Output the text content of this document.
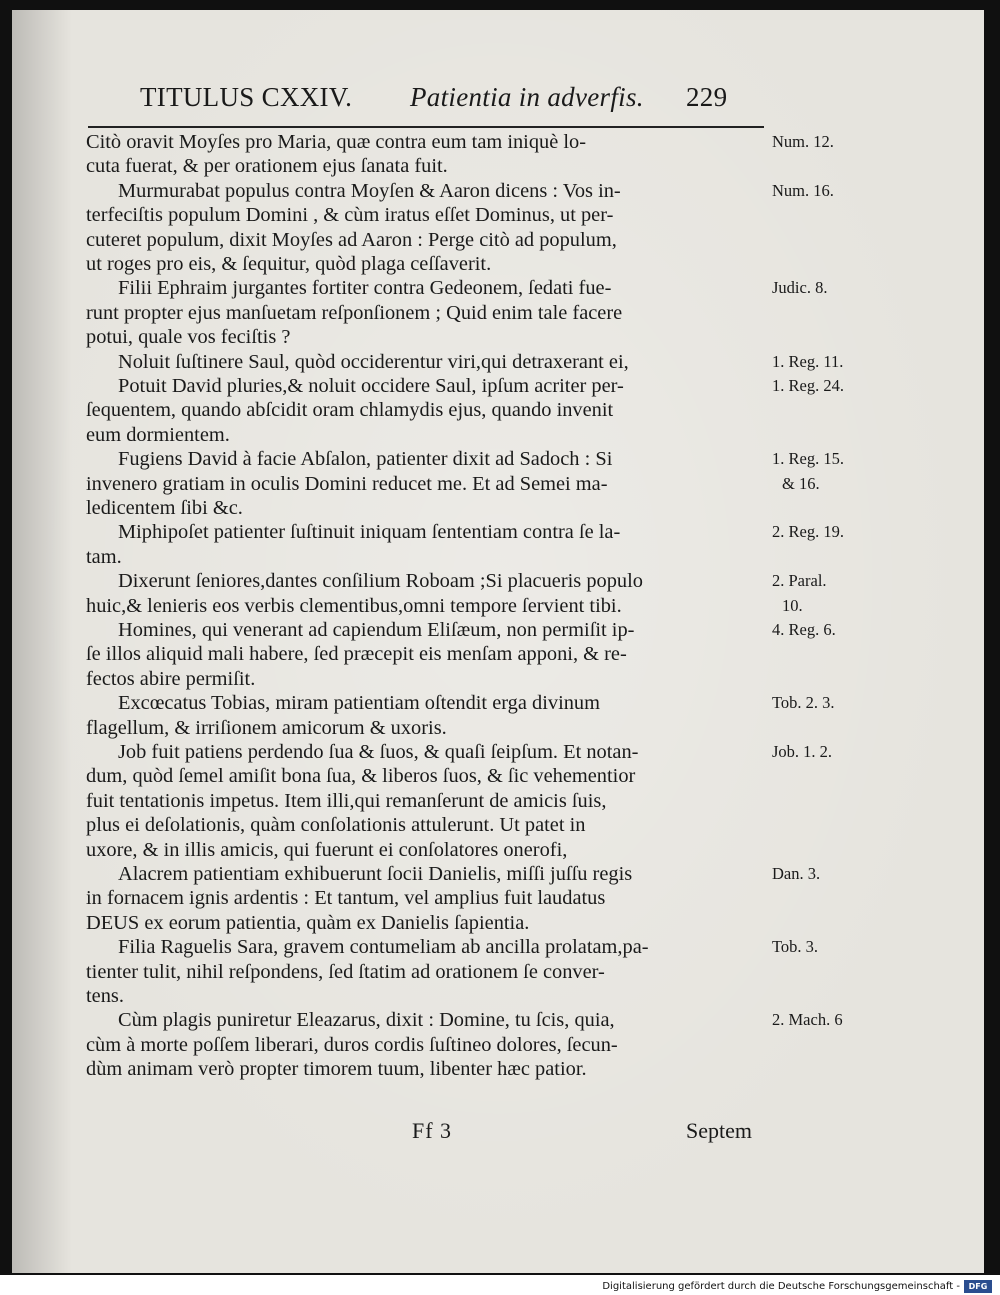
TITULUS CXXIV. Patientia in adverfis. 229
Citò oravit Moyſes pro Maria, quæ contra eum tam iniquè lo-
cuta fuerat, & per orationem ejus ſanata fuit.
Murmurabat populus contra Moyſen & Aaron dicens : Vos in-
terfeciſtis populum Domini , & cùm iratus eſſet Dominus, ut per-
cuteret populum, dixit Moyſes ad Aaron : Perge citò ad populum,
ut roges pro eis, & ſequitur, quòd plaga ceſſaverit.
Filii Ephraim jurgantes fortiter contra Gedeonem, ſedati fue-
runt propter ejus manſuetam reſponſionem ; Quid enim tale facere
potui, quale vos feciſtis ?
Noluit ſuſtinere Saul, quòd occiderentur viri,qui detraxerant ei,
Potuit David pluries,& noluit occidere Saul, ipſum acriter per-
ſequentem, quando abſcidit oram chlamydis ejus, quando invenit
eum dormientem.
Fugiens David à facie Abſalon, patienter dixit ad Sadoch : Si
invenero gratiam in oculis Domini reducet me. Et ad Semei ma-
ledicentem ſibi &c.
Miphipoſet patienter ſuſtinuit iniquam ſententiam contra ſe la-
tam.
Dixerunt ſeniores,dantes conſilium Roboam ;Si placueris populo
huic,& lenieris eos verbis clementibus,omni tempore ſervient tibi.
Homines, qui venerant ad capiendum Eliſæum, non permiſit ip-
ſe illos aliquid mali habere, ſed præcepit eis menſam apponi, & re-
fectos abire permiſit.
Excœcatus Tobias, miram patientiam oſtendit erga divinum
flagellum, & irriſionem amicorum & uxoris.
Job fuit patiens perdendo ſua & ſuos, & quaſi ſeipſum. Et notan-
dum, quòd ſemel amiſit bona ſua, & liberos ſuos, & ſic vehementior
fuit tentationis impetus. Item illi,qui remanſerunt de amicis ſuis,
plus ei deſolationis, quàm conſolationis attulerunt. Ut patet in
uxore, & in illis amicis, qui fuerunt ei conſolatores onerofi,
Alacrem patientiam exhibuerunt ſocii Danielis, miſſi juſſu regis
in fornacem ignis ardentis : Et tantum, vel amplius fuit laudatus
DEUS ex eorum patientia, quàm ex Danielis ſapientia.
Filia Raguelis Sara, gravem contumeliam ab ancilla prolatam,pa-
tienter tulit, nihil reſpondens, ſed ſtatim ad orationem ſe conver-
tens.
Cùm plagis puniretur Eleazarus, dixit : Domine, tu ſcis, quia,
cùm à morte poſſem liberari, duros cordis ſuſtineo dolores, ſecun-
dùm animam verò propter timorem tuum, libenter hæc patior.
Num. 12.
Num. 16.
Judic. 8.
1. Reg. 11.
1. Reg. 24.
1. Reg. 15.
& 16.
2. Reg. 19.
2. Paral.
10.
4. Reg. 6.
Tob. 2. 3.
Job. 1. 2.
Dan. 3.
Tob. 3.
2. Mach. 6
Ff 3	Septem
Digitalisierung gefördert durch die Deutsche Forschungsgemeinschaft -	DFG
